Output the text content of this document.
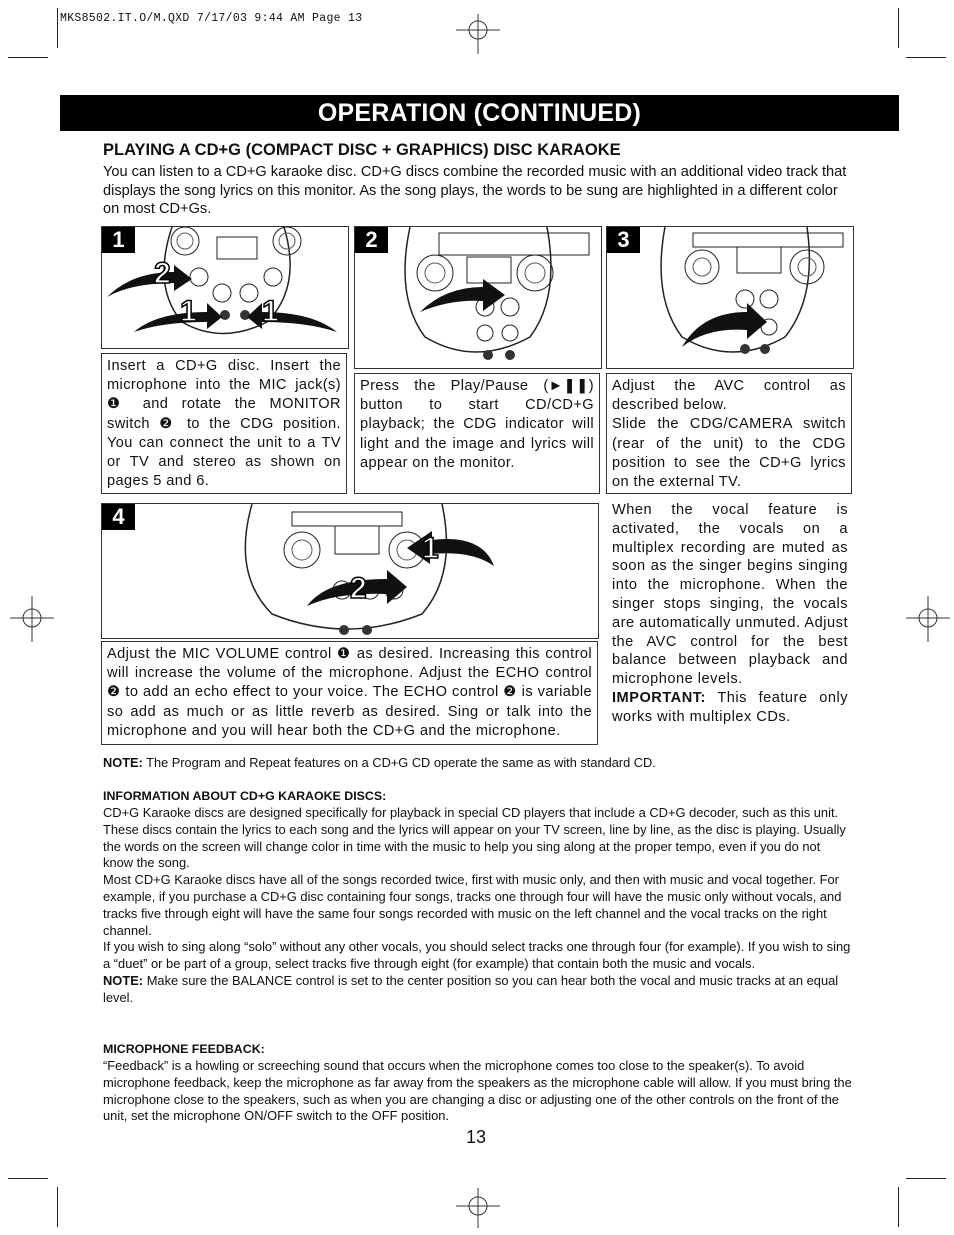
MKS8502.IT.O/M.QXD 7/17/03 9:44 AM Page 13
OPERATION (CONTINUED)
PLAYING A CD+G (COMPACT DISC + GRAPHICS) DISC KARAOKE
You can listen to a CD+G karaoke disc. CD+G discs combine the recorded music with an additional video track that displays the song lyrics on this monitor. As the song plays, the words to be sung are highlighted in a different color on most CD+Gs.
1
2
1 1
2	3
Insert a CD+G disc. Insert the microphone into the MIC jack(s) ❶ and rotate the MONITOR switch ❷ to the CDG position. You can connect the unit to a TV or TV and stereo as shown on pages 5 and 6.
Press the Play/Pause (►❚❚) button to start CD/CD+G playback; the CDG indicator will light and the image and lyrics will appear on the monitor.
Adjust the AVC control as described below.
Slide the CDG/CAMERA switch (rear of the unit) to the CDG position to see the CD+G lyrics on the external TV.
4
1
2
Adjust the MIC VOLUME control ❶ as desired. Increasing this control will increase the volume of the microphone. Adjust the ECHO control ❷ to add an echo effect to your voice. The ECHO control ❷ is variable so add as much or as little reverb as desired. Sing or talk into the microphone and you will hear both the CD+G and the microphone.
When the vocal feature is activated, the vocals on a multiplex recording are muted as soon as the singer begins singing into the microphone. When the singer stops singing, the vocals are automatically unmuted. Adjust the AVC control for the best balance between playback and microphone levels.
IMPORTANT: This feature only works with multiplex CDs.
NOTE: The Program and Repeat features on a CD+G CD operate the same as with standard CD.
INFORMATION ABOUT CD+G KARAOKE DISCS:
CD+G Karaoke discs are designed specifically for playback in special CD players that include a CD+G decoder, such as this unit. These discs contain the lyrics to each song and the lyrics will appear on your TV screen, line by line, as the disc is playing. Usually the words on the screen will change color in time with the music to help you sing along at the proper tempo, even if you do not know the song.
Most CD+G Karaoke discs have all of the songs recorded twice, first with music only, and then with music and vocal together. For example, if you purchase a CD+G disc containing four songs, tracks one through four will have the music only without vocals, and tracks five through eight will have the same four songs recorded with music on the left channel and the vocal tracks on the right channel.
If you wish to sing along “solo” without any other vocals, you should select tracks one through four (for example). If you wish to sing a “duet” or be part of a group, select tracks five through eight (for example) that contain both the music and vocals.
NOTE: Make sure the BALANCE control is set to the center position so you can hear both the vocal and music tracks at an equal level.
MICROPHONE FEEDBACK:
“Feedback” is a howling or screeching sound that occurs when the microphone comes too close to the speaker(s). To avoid microphone feedback, keep the microphone as far away from the speakers as the microphone cable will allow. If you must bring the microphone close to the speakers, such as when you are changing a disc or adjusting one of the other controls on the front of the unit, set the microphone ON/OFF switch to the OFF position.
13
